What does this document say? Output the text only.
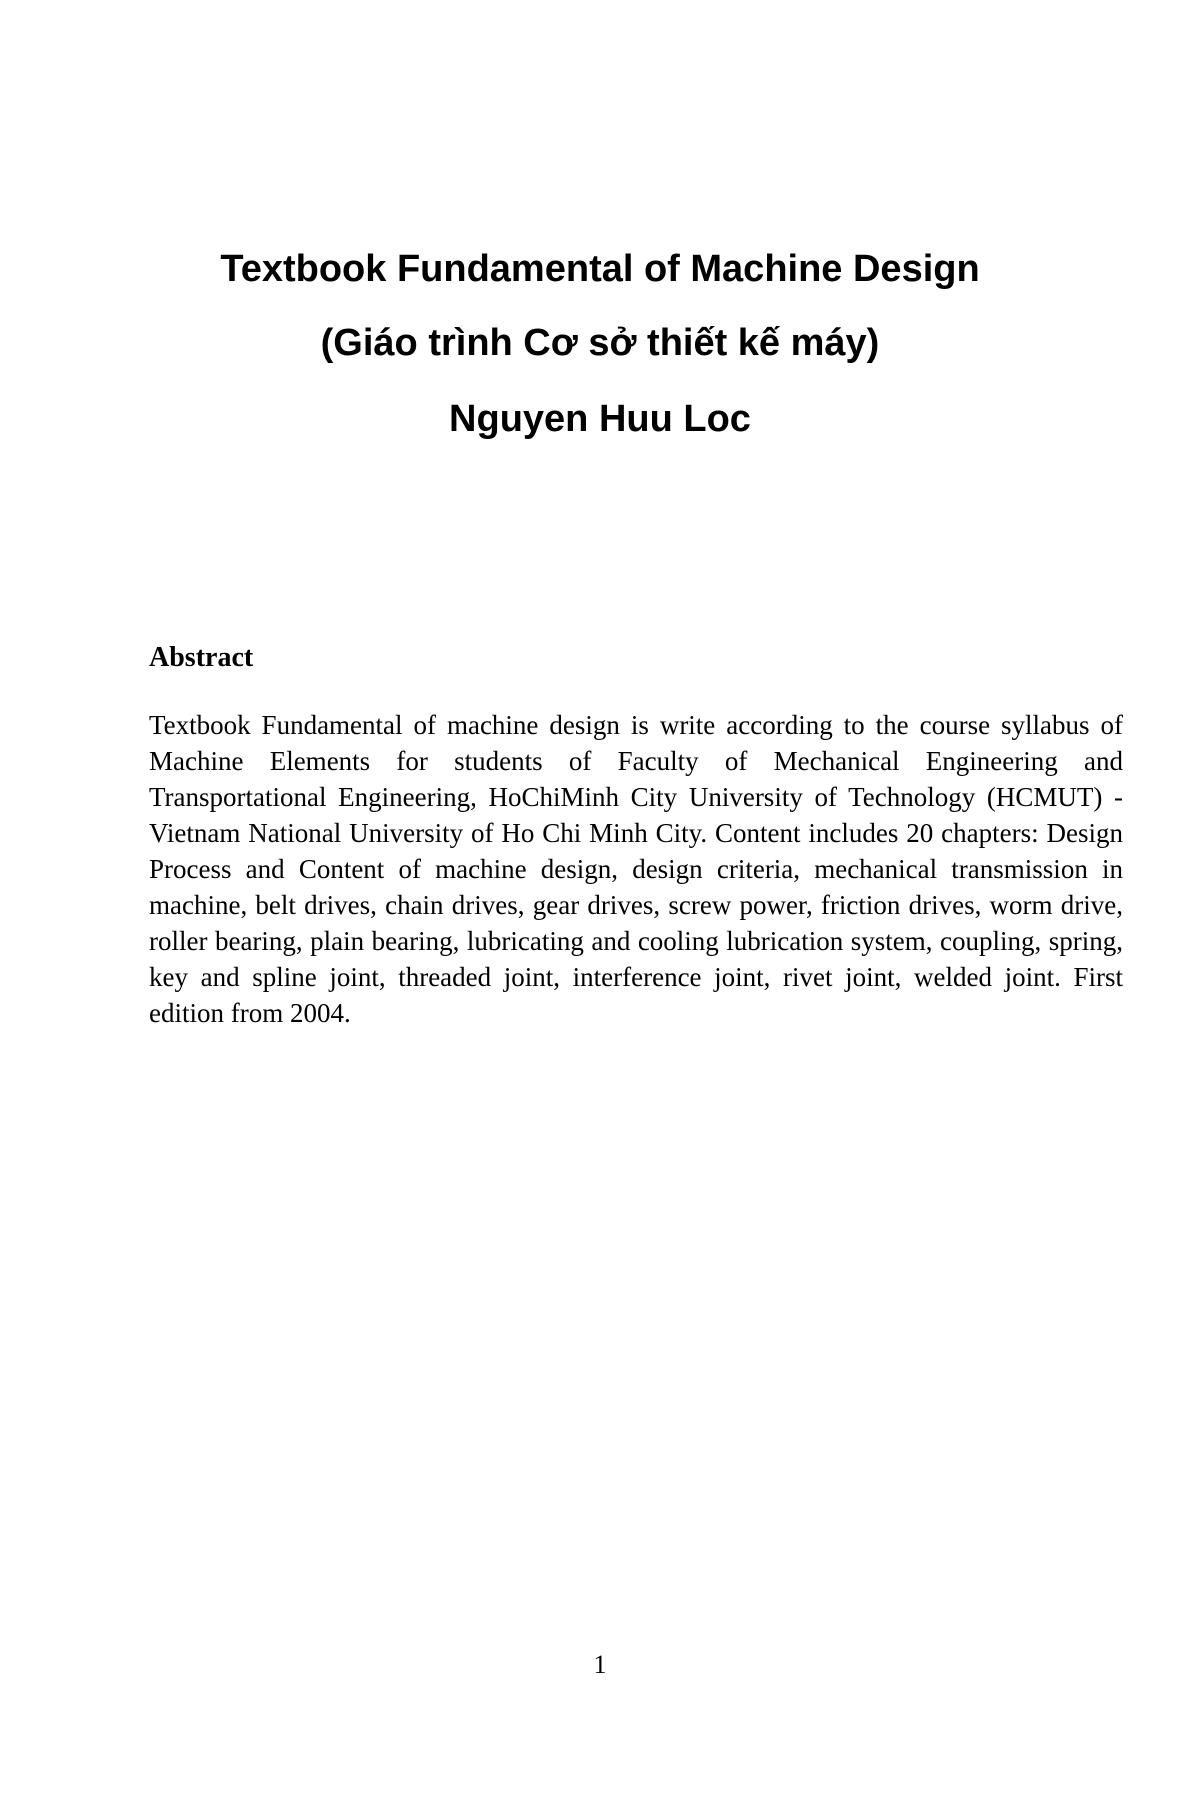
Textbook Fundamental of Machine Design
(Giáo trình Cơ sở thiết kế máy)
Nguyen Huu Loc
Abstract

Textbook Fundamental of machine design is write according to the course syllabus of Machine Elements for students of Faculty of Mechanical Engineering and Transportational Engineering, HoChiMinh City University of Technology (HCMUT) - Vietnam National University of Ho Chi Minh City. Content includes 20 chapters: Design Process and Content of machine design, design criteria, mechanical transmission in machine, belt drives, chain drives, gear drives, screw power, friction drives, worm drive, roller bearing, plain bearing, lubricating and cooling lubrication system, coupling, spring, key and spline joint, threaded joint, interference joint, rivet joint, welded joint. First edition from 2004.

1
